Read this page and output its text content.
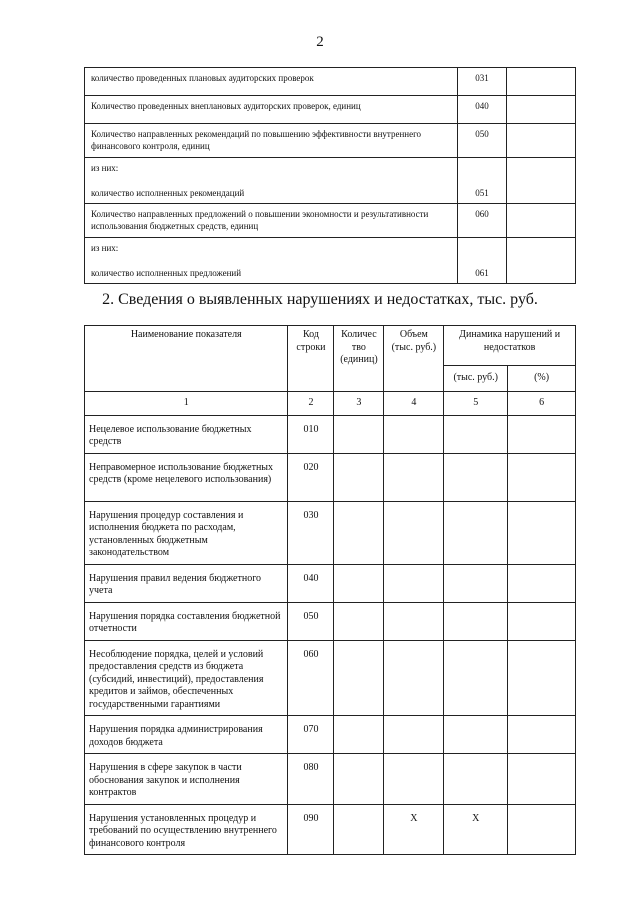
2
количество проведенных плановых аудиторских проверок	031	
Количество проведенных внеплановых аудиторских проверок, единиц	040	
Количество направленных рекомендаций по повышению эффективности внутреннего финансового контроля, единиц	050	
из них:		
количество исполненных рекомендаций	051	
Количество направленных предложений о повышении экономности и результативности использования бюджетных средств, единиц	060	
из них:		
количество исполненных предложений	061	
2. Сведения о выявленных нарушениях и недостатках, тыс. руб.
Наименование показателя	Код строки	Количес тво (единиц)	Объем (тыс. руб.)	Динамика нарушений и недостатков	
				(тыс. руб.)	(%)
1	2	3	4	5	6
Нецелевое использование бюджетных средств	010				
Неправомерное использование бюджетных средств (кроме нецелевого использования)	020				
Нарушения процедур составления и исполнения бюджета по расходам, установленных бюджетным законодательством	030				
Нарушения правил ведения бюджетного учета	040				
Нарушения порядка составления бюджетной отчетности	050				
Несоблюдение порядка, целей и условий предоставления средств из бюджета (субсидий, инвестиций), предоставления кредитов и займов, обеспеченных государственными гарантиями	060				
Нарушения порядка администрирования доходов бюджета	070				
Нарушения в сфере закупок в части обоснования закупок и исполнения контрактов	080				
Нарушения установленных процедур и требований по осуществлению внутреннего финансового контроля	090		X	X	
